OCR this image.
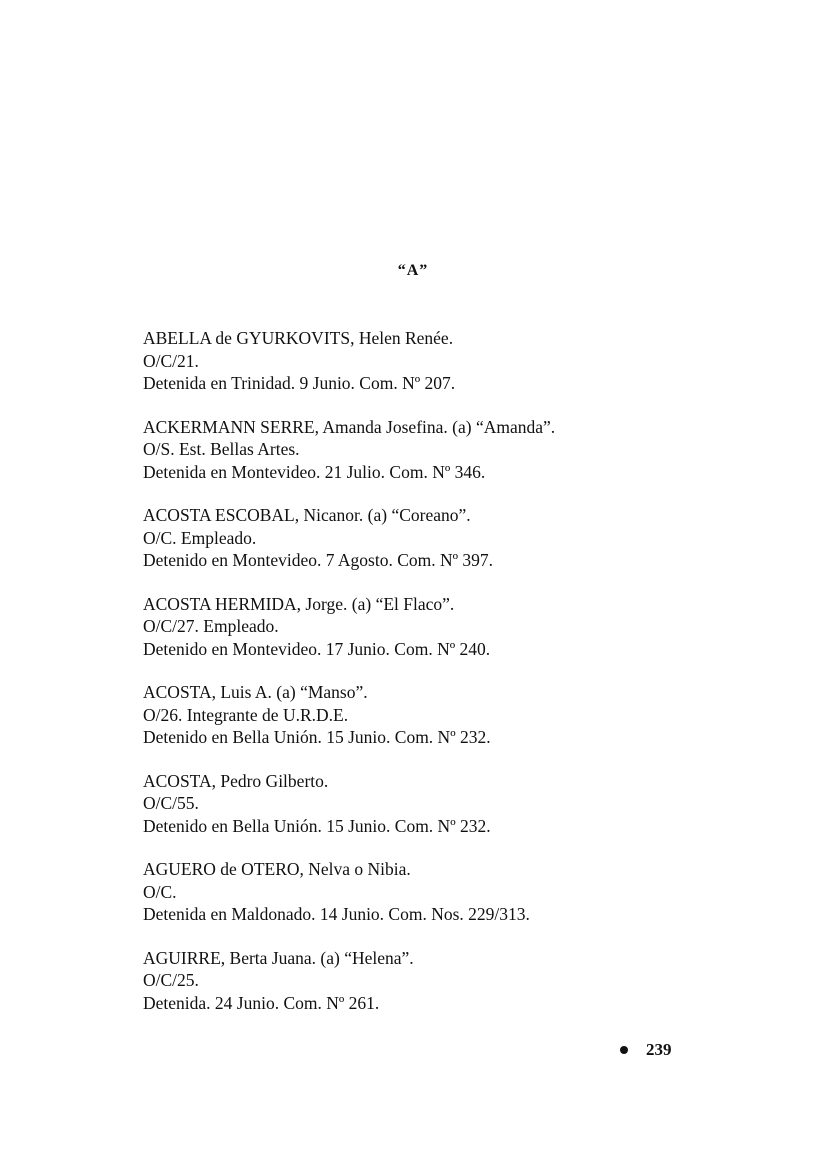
“A”
ABELLA de GYURKOVITS, Helen Renée.
O/C/21.
Detenida en Trinidad. 9 Junio. Com. Nº 207.
ACKERMANN SERRE, Amanda Josefina. (a) “Amanda”.
O/S. Est. Bellas Artes.
Detenida en Montevideo. 21 Julio. Com. Nº 346.
ACOSTA ESCOBAL, Nicanor. (a) “Coreano”.
O/C. Empleado.
Detenido en Montevideo. 7 Agosto. Com. Nº 397.
ACOSTA HERMIDA, Jorge. (a) “El Flaco”.
O/C/27. Empleado.
Detenido en Montevideo. 17 Junio. Com. Nº 240.
ACOSTA, Luis A. (a) “Manso”.
O/26. Integrante de U.R.D.E.
Detenido en Bella Unión. 15 Junio. Com. Nº 232.
ACOSTA, Pedro Gilberto.
O/C/55.
Detenido en Bella Unión. 15 Junio. Com. Nº 232.
AGUERO de OTERO, Nelva o Nibia.
O/C.
Detenida en Maldonado. 14 Junio. Com. Nos. 229/313.
AGUIRRE, Berta Juana. (a) “Helena”.
O/C/25.
Detenida. 24 Junio. Com. Nº 261.
239
